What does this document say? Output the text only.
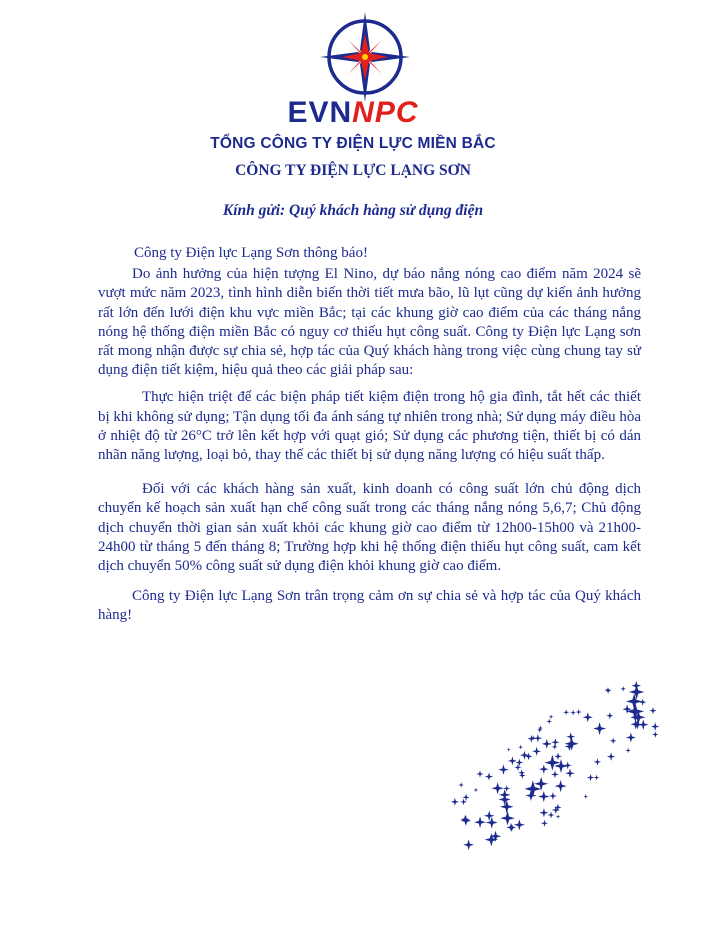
EVNNPC
TỔNG CÔNG TY ĐIỆN LỰC MIỀN BẮC
CÔNG TY ĐIỆN LỰC LẠNG SƠN
Kính gửi: Quý khách hàng sử dụng điện

Công ty Điện lực Lạng Sơn thông báo!

Do ảnh hưởng của hiện tượng El Nino, dự báo nắng nóng cao điểm năm 2024 sẽ vượt mức năm 2023, tình hình diễn biến thời tiết mưa bão, lũ lụt cũng dự kiến ảnh hưởng rất lớn đến lưới điện khu vực miền Bắc; tại các khung giờ cao điểm của các tháng nắng nóng hệ thống điện miền Bắc có nguy cơ thiếu hụt công suất. Công ty Điện lực Lạng sơn rất mong nhận được sự chia sẻ, hợp tác của Quý khách hàng trong việc cùng chung tay sử dụng điện tiết kiệm, hiệu quả theo các giải pháp sau:

Thực hiện triệt để các biện pháp tiết kiệm điện trong hộ gia đình, tắt hết các thiết bị khi không sử dụng; Tận dụng tối đa ánh sáng tự nhiên trong nhà; Sử dụng máy điều hòa ở nhiệt độ từ 26°C trở lên kết hợp với quạt gió; Sử dụng các phương tiện, thiết bị có dán nhãn năng lượng, loại bỏ, thay thế các thiết bị sử dụng năng lượng có hiệu suất thấp.

Đối với các khách hàng sản xuất, kinh doanh có công suất lớn chủ động dịch chuyển kế hoạch sản xuất hạn chế công suất trong các tháng nắng nóng 5,6,7; Chủ động dịch chuyển thời gian sản xuất khỏi các khung giờ cao điểm từ 12h00-15h00 và 21h00-24h00 từ tháng 5 đến tháng 8; Trường hợp khi hệ thống điện thiếu hụt công suất, cam kết dịch chuyển 50% công suất sử dụng điện khỏi khung giờ cao điểm.

Công ty Điện lực Lạng Sơn trân trọng cảm ơn sự chia sẻ và hợp tác của Quý khách hàng!
